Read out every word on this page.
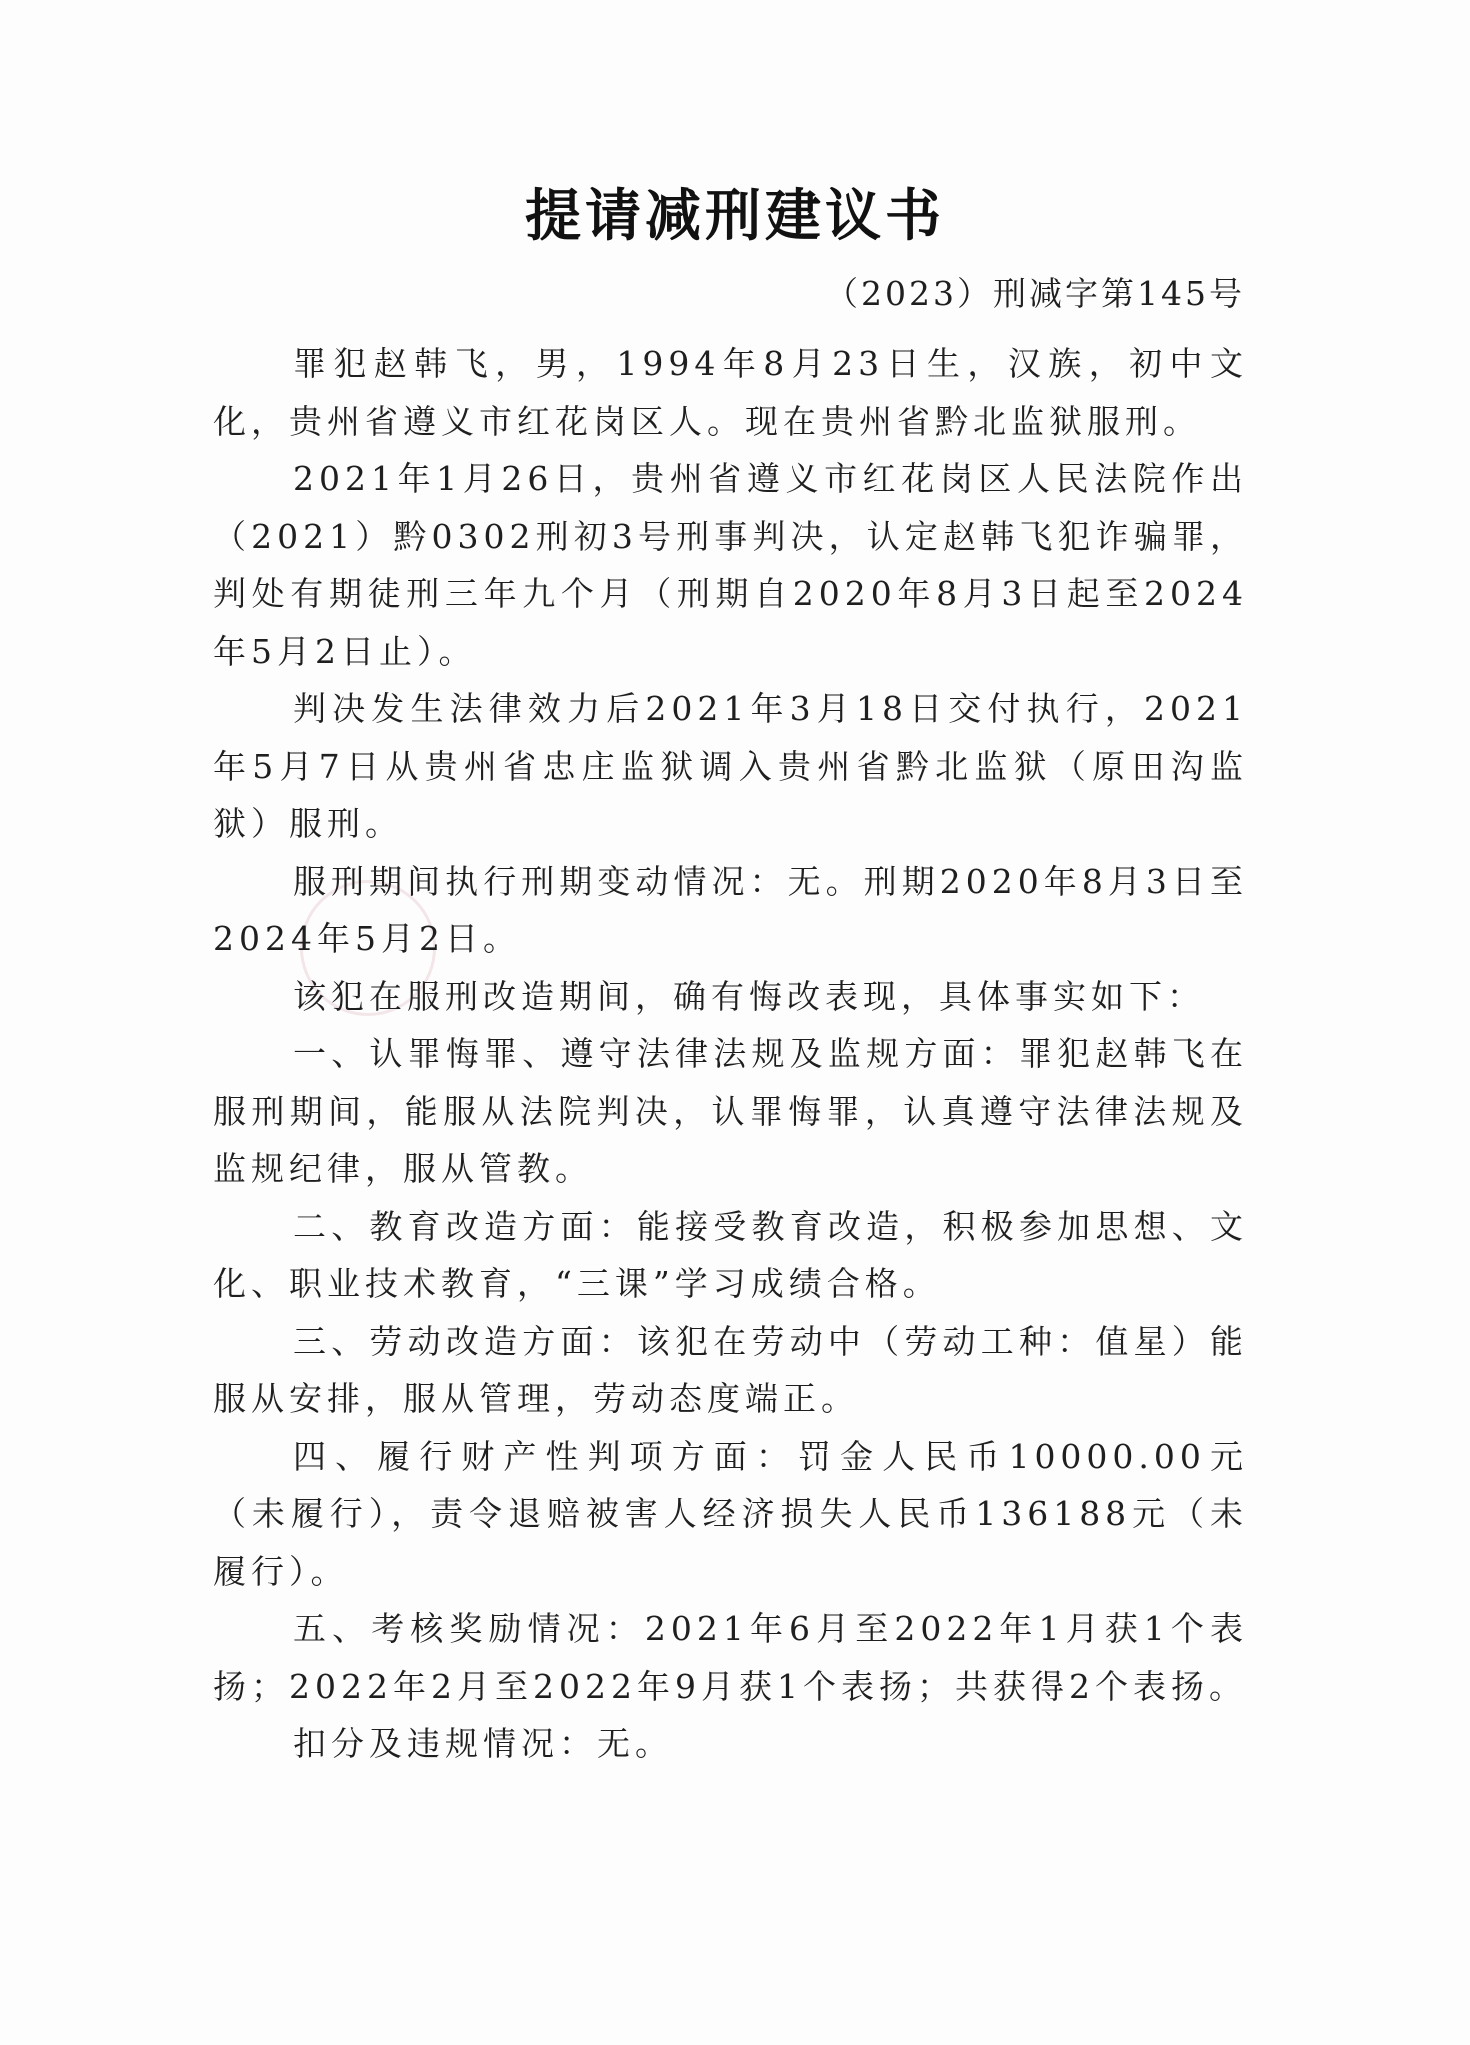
提请减刑建议书
（2023）刑减字第145号

罪犯赵韩飞，男，1994年8月23日生，汉族，初中文化，贵州省遵义市红花岗区人。现在贵州省黔北监狱服刑。

2021年1月26日，贵州省遵义市红花岗区人民法院作出（2021）黔0302刑初3号刑事判决，认定赵韩飞犯诈骗罪，判处有期徒刑三年九个月（刑期自2020年8月3日起至2024年5月2日止）。

判决发生法律效力后2021年3月18日交付执行，2021年5月7日从贵州省忠庄监狱调入贵州省黔北监狱（原田沟监狱）服刑。

服刑期间执行刑期变动情况：无。刑期2020年8月3日至2024年5月2日。

该犯在服刑改造期间，确有悔改表现，具体事实如下：

一、认罪悔罪、遵守法律法规及监规方面：罪犯赵韩飞在服刑期间，能服从法院判决，认罪悔罪，认真遵守法律法规及监规纪律，服从管教。

二、教育改造方面：能接受教育改造，积极参加思想、文化、职业技术教育，“三课”学习成绩合格。

三、劳动改造方面：该犯在劳动中（劳动工种：值星）能服从安排，服从管理，劳动态度端正。

四、履行财产性判项方面：罚金人民币10000.00元（未履行），责令退赔被害人经济损失人民币136188元（未履行）。

五、考核奖励情况：2021年6月至2022年1月获1个表扬；2022年2月至2022年9月获1个表扬；共获得2个表扬。

扣分及违规情况：无。
